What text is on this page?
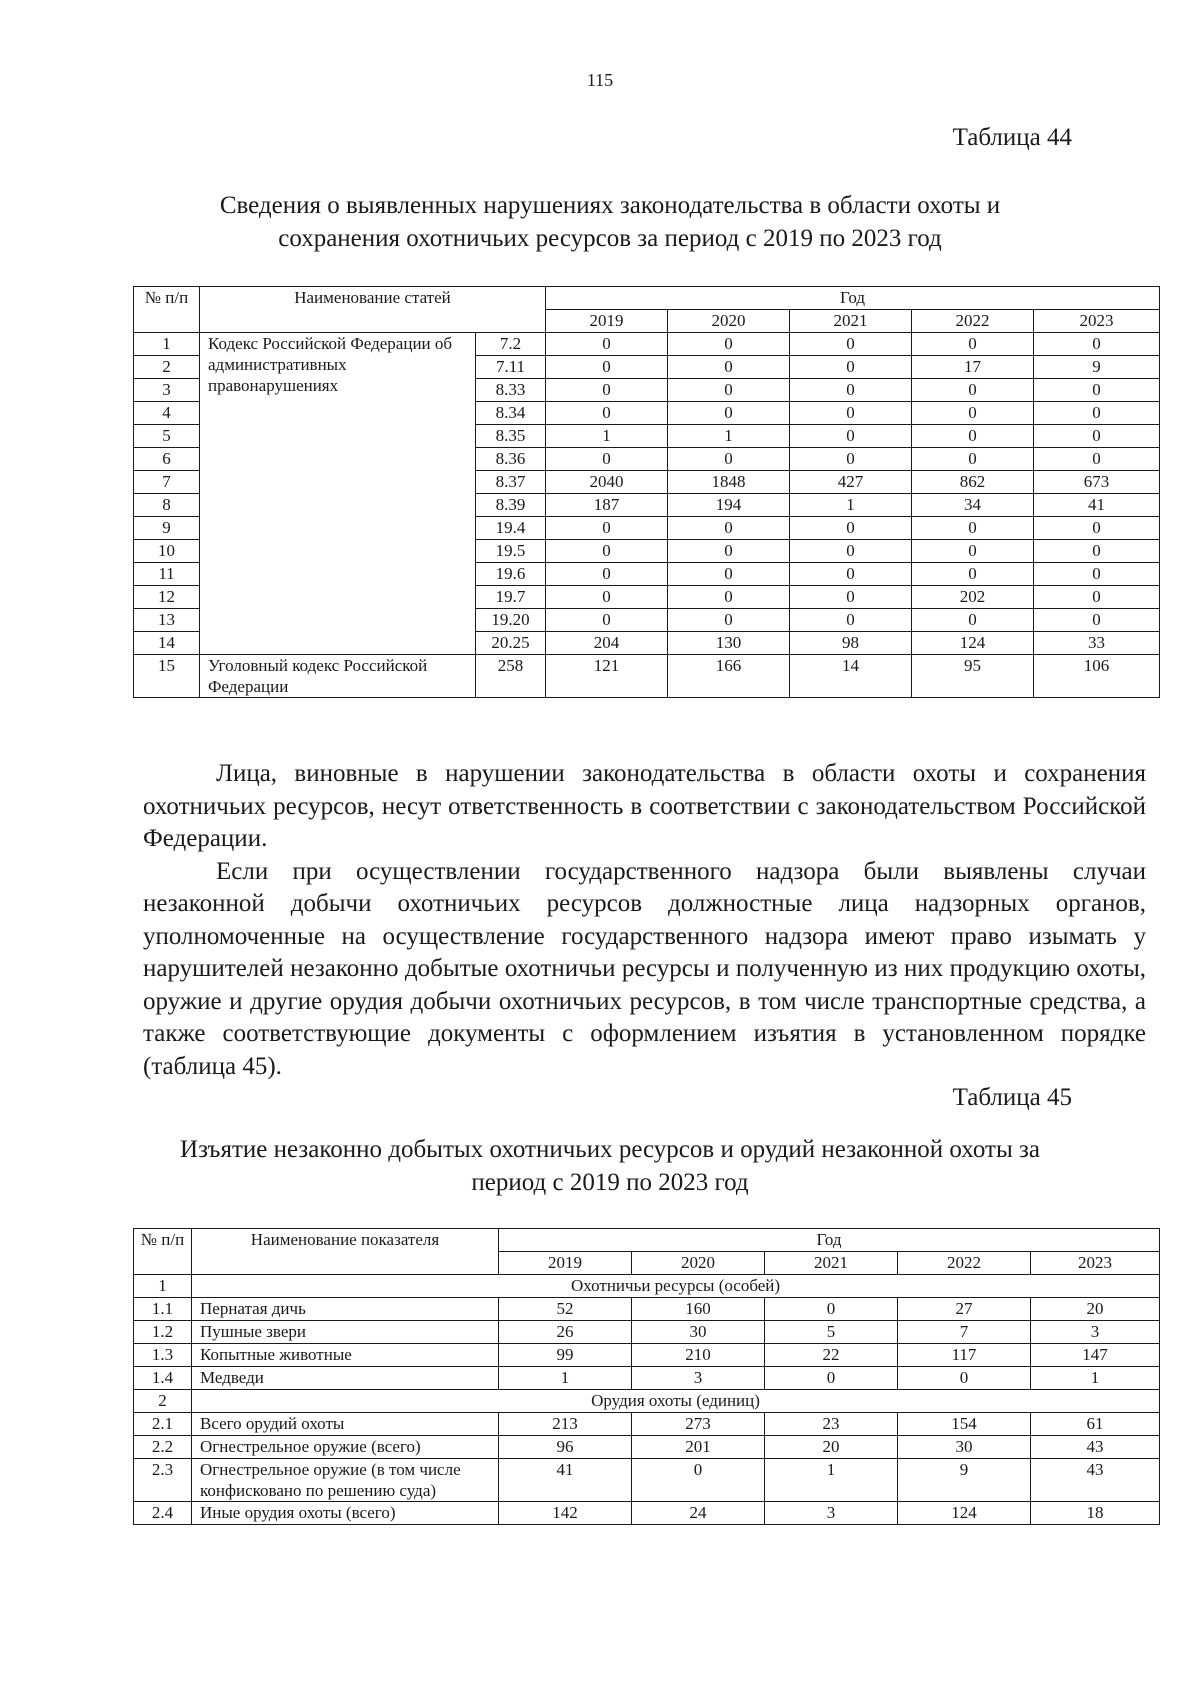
115
Таблица 44
Сведения о выявленных нарушениях законодательства в области охоты и
сохранения охотничьих ресурсов за период с 2019 по 2023 год
№ п/п	Наименование статей		Год				
			2019	2020	2021	2022	2023
1	Кодекс Российской Федерации об административных правонарушениях	7.2	0	0	0	0	0
2		7.11	0	0	0	17	9
3		8.33	0	0	0	0	0
4		8.34	0	0	0	0	0
5		8.35	1	1	0	0	0
6		8.36	0	0	0	0	0
7		8.37	2040	1848	427	862	673
8		8.39	187	194	1	34	41
9		19.4	0	0	0	0	0
10		19.5	0	0	0	0	0
11		19.6	0	0	0	0	0
12		19.7	0	0	0	202	0
13		19.20	0	0	0	0	0
14		20.25	204	130	98	124	33
15	Уголовный кодекс Российской Федерации	258	121	166	14	95	106

Лица, виновные в нарушении законодательства в области охоты и сохранения охотничьих ресурсов, несут ответственность в соответствии с законодательством Российской Федерации.

Если при осуществлении государственного надзора были выявлены случаи незаконной добычи охотничьих ресурсов должностные лица надзорных органов, уполномоченные на осуществление государственного надзора имеют право изымать у нарушителей незаконно добытые охотничьи ресурсы и полученную из них продукцию охоты, оружие и другие орудия добычи охотничьих ресурсов, в том числе транспортные средства, а также соответствующие документы с оформлением изъятия в установленном порядке (таблица 45).

Таблица 45
Изъятие незаконно добытых охотничьих ресурсов и орудий незаконной охоты за
период с 2019 по 2023 год
№ п/п	Наименование показателя	Год				
		2019	2020	2021	2022	2023
1	Охотничьи ресурсы (особей)					
1.1	Пернатая дичь	52	160	0	27	20
1.2	Пушные звери	26	30	5	7	3
1.3	Копытные животные	99	210	22	117	147
1.4	Медведи	1	3	0	0	1
2	Орудия охоты (единиц)					
2.1	Всего орудий охоты	213	273	23	154	61
2.2	Огнестрельное оружие (всего)	96	201	20	30	43
2.3	Огнестрельное оружие (в том числе конфисковано по решению суда)	41	0	1	9	43
2.4	Иные орудия охоты (всего)	142	24	3	124	18
